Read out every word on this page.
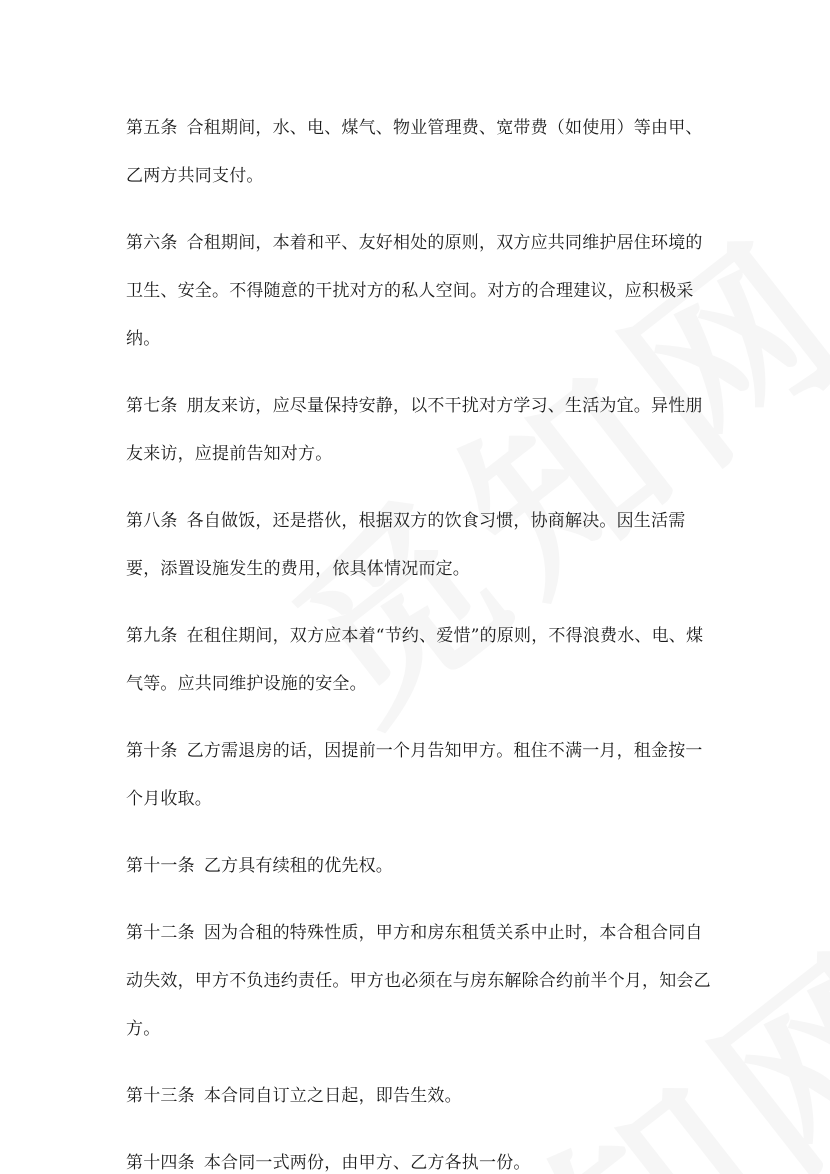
第五条 合租期间，水、电、煤气、物业管理费、宽带费（如使用）等由甲、乙两方共同支付。

第六条 合租期间，本着和平、友好相处的原则，双方应共同维护居住环境的卫生、安全。不得随意的干扰对方的私人空间。对方的合理建议，应积极采纳。

第七条 朋友来访，应尽量保持安静，以不干扰对方学习、生活为宜。异性朋友来访，应提前告知对方。

第八条 各自做饭，还是搭伙，根据双方的饮食习惯，协商解决。因生活需要，添置设施发生的费用，依具体情况而定。

第九条 在租住期间，双方应本着“节约、爱惜”的原则，不得浪费水、电、煤气等。应共同维护设施的安全。

第十条 乙方需退房的话，因提前一个月告知甲方。租住不满一月，租金按一个月收取。

第十一条 乙方具有续租的优先权。

第十二条 因为合租的特殊性质，甲方和房东租赁关系中止时，本合租合同自动失效，甲方不负违约责任。甲方也必须在与房东解除合约前半个月，知会乙方。

第十三条 本合同自订立之日起，即告生效。

第十四条 本合同一式两份，由甲方、乙方各执一份。
